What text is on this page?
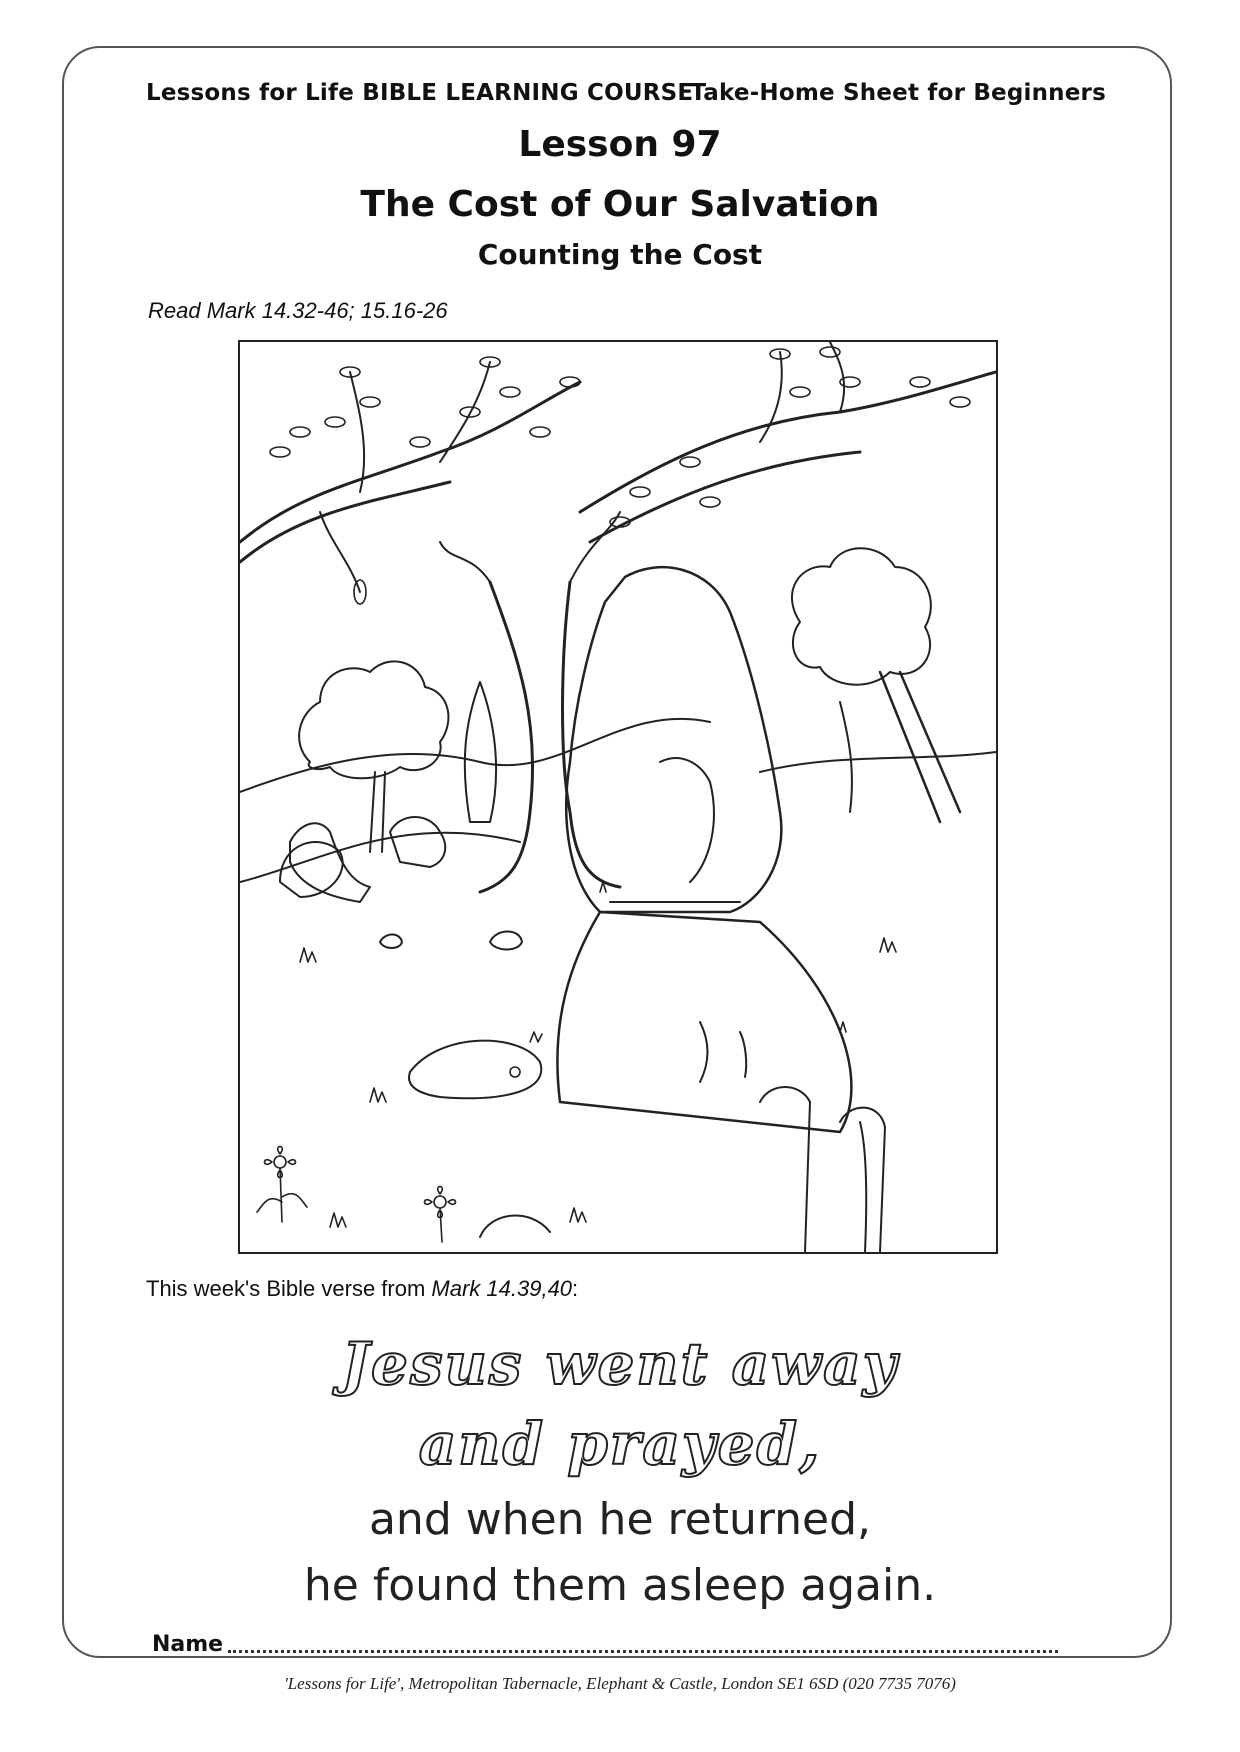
Lessons for Life BIBLE LEARNING COURSE
Take-Home Sheet for Beginners
Lesson 97
The Cost of Our Salvation
Counting the Cost
Read Mark 14.32-46; 15.16-26
This week's Bible verse from Mark 14.39,40:
Jesus went away
and prayed,
and when he returned,
he found them asleep again.
Name
'Lessons for Life', Metropolitan Tabernacle, Elephant & Castle, London SE1 6SD (020 7735 7076)
